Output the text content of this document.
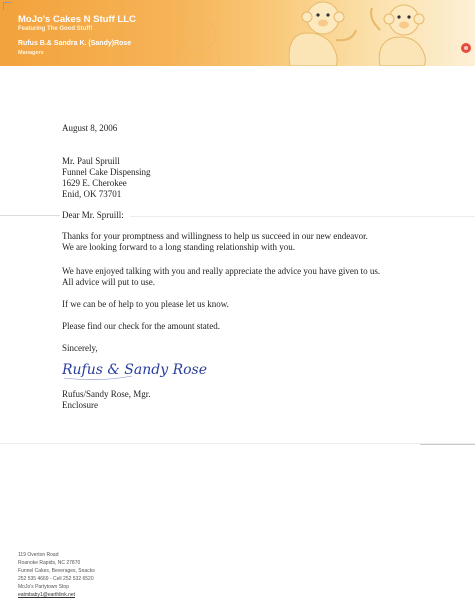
MoJo's Cakes N Stuff LLC
Featuring The Good Stuff!
Rufus B.& Sandra K. (Sandy)Rose
Managers
August 8, 2006
Mr. Paul Spruill
Funnel Cake Dispensing
1629 E. Cherokee
Enid, OK 73701
Dear Mr. Spruill:
Thanks for your promptness and willingness to help us succeed in our new endeavor.
We are looking forward to a long standing relationship with you.
We have enjoyed talking with you and really appreciate the advice you have given to us.
All advice will put to use.
If we can be of help to you please let us know.
Please find our check for the amount stated.
Sincerely,
Rufus & Sandy Rose
Rufus/Sandy Rose, Mgr.
Enclosure
119 Overton Road
Roanoke Rapids, NC 27870
Funnel Cakes, Beverages, Snacks
252 535 4669 - Cell 252 532 6520
MoJo's Partytown Stop
eatmbaby1@earthlink.net
